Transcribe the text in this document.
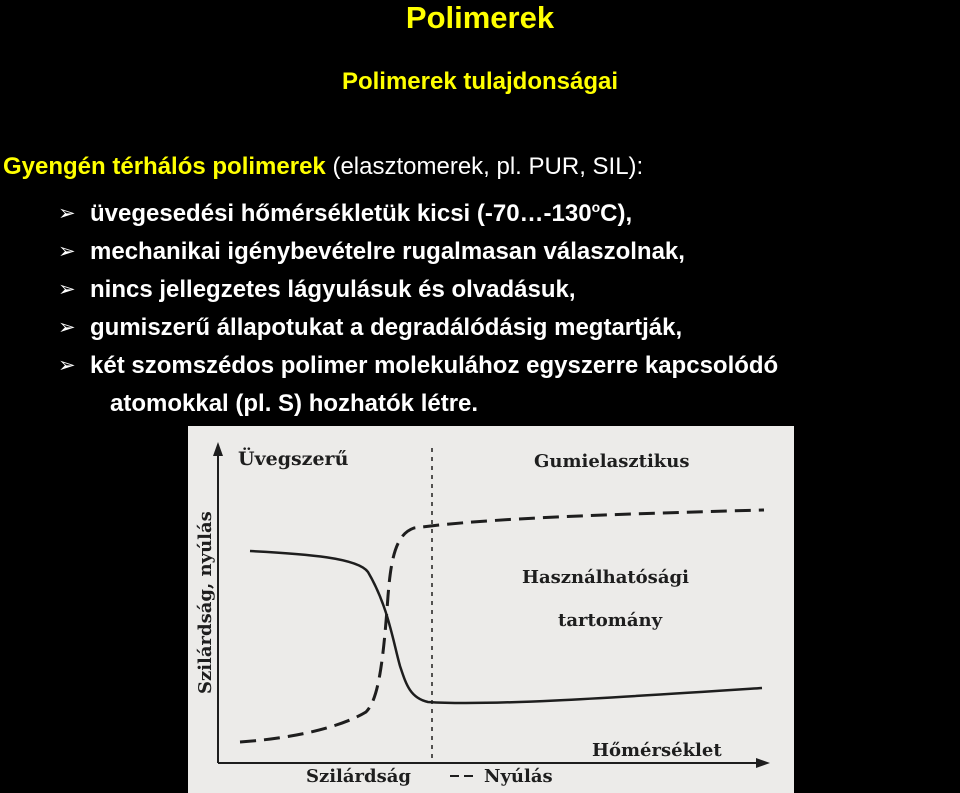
Polimerek
Polimerek tulajdonságai
Gyengén térhálós polimerek (elasztomerek, pl. PUR, SIL):
➢ üvegesedési hőmérsékletük kicsi (-70…-130$^o$C),
➢ mechanikai igénybevételre rugalmasan válaszolnak,
➢ nincs jellegzetes lágyulásuk és olvadásuk,
➢ gumiszerű állapotukat a degradálódásig megtartják,
➢ két szomszédos polimer molekulához egyszerre kapcsolódó
atomokkal (pl. S) hozhatók létre.
Üvegszerű	Gumielasztikus
Használhatósági
tartomány
Szilárdság, nyúlás
Hőmérséklet
Szilárdság	Nyúlás
